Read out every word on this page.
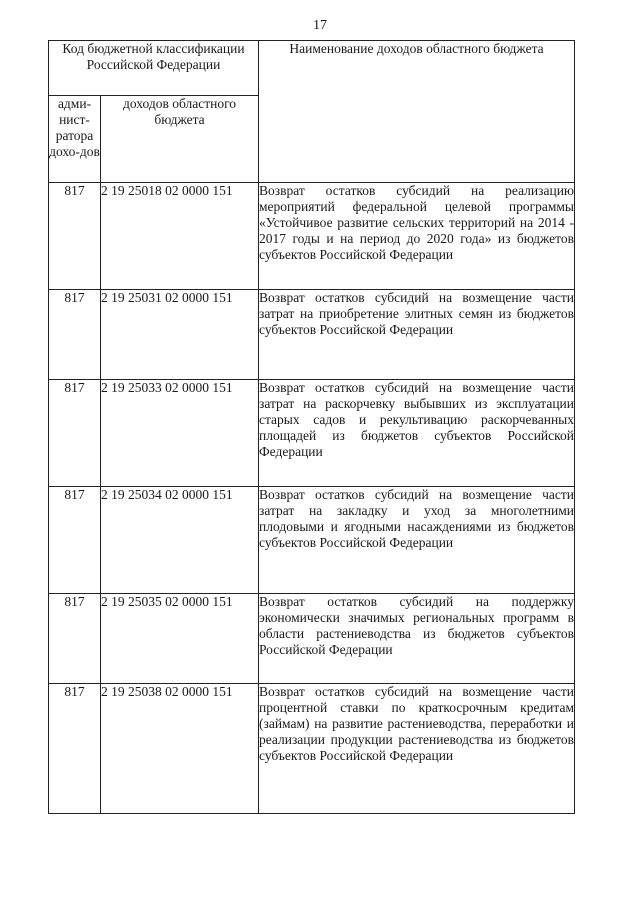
17
Код бюджетной классификации Российской Федерации		Наименование доходов областного бюджета
адми-нист-ратора дохо-дов	доходов областного бюджета	
817	2 19 25018 02 0000 151	Возврат остатков субсидий на реализацию мероприятий федеральной целевой программы «Устойчивое развитие сельских территорий на 2014 - 2017 годы и на период до 2020 года» из бюджетов субъектов Российской Федерации
817	2 19 25031 02 0000 151	Возврат остатков субсидий на возмещение части затрат на приобретение элитных семян из бюджетов субъектов Российской Федерации
817	2 19 25033 02 0000 151	Возврат остатков субсидий на возмещение части затрат на раскорчевку выбывших из эксплуатации старых садов и рекультивацию раскорчеванных площадей из бюджетов субъектов Российской Федерации
817	2 19 25034 02 0000 151	Возврат остатков субсидий на возмещение части затрат на закладку и уход за многолетними плодовыми и ягодными насаждениями из бюджетов субъектов Российской Федерации
817	2 19 25035 02 0000 151	Возврат остатков субсидий на поддержку экономически значимых региональных программ в области растениеводства из бюджетов субъектов Российской Федерации
817	2 19 25038 02 0000 151	Возврат остатков субсидий на возмещение части процентной ставки по краткосрочным кредитам (займам) на развитие растениеводства, переработки и реализации продукции растениеводства из бюджетов субъектов Российской Федерации
